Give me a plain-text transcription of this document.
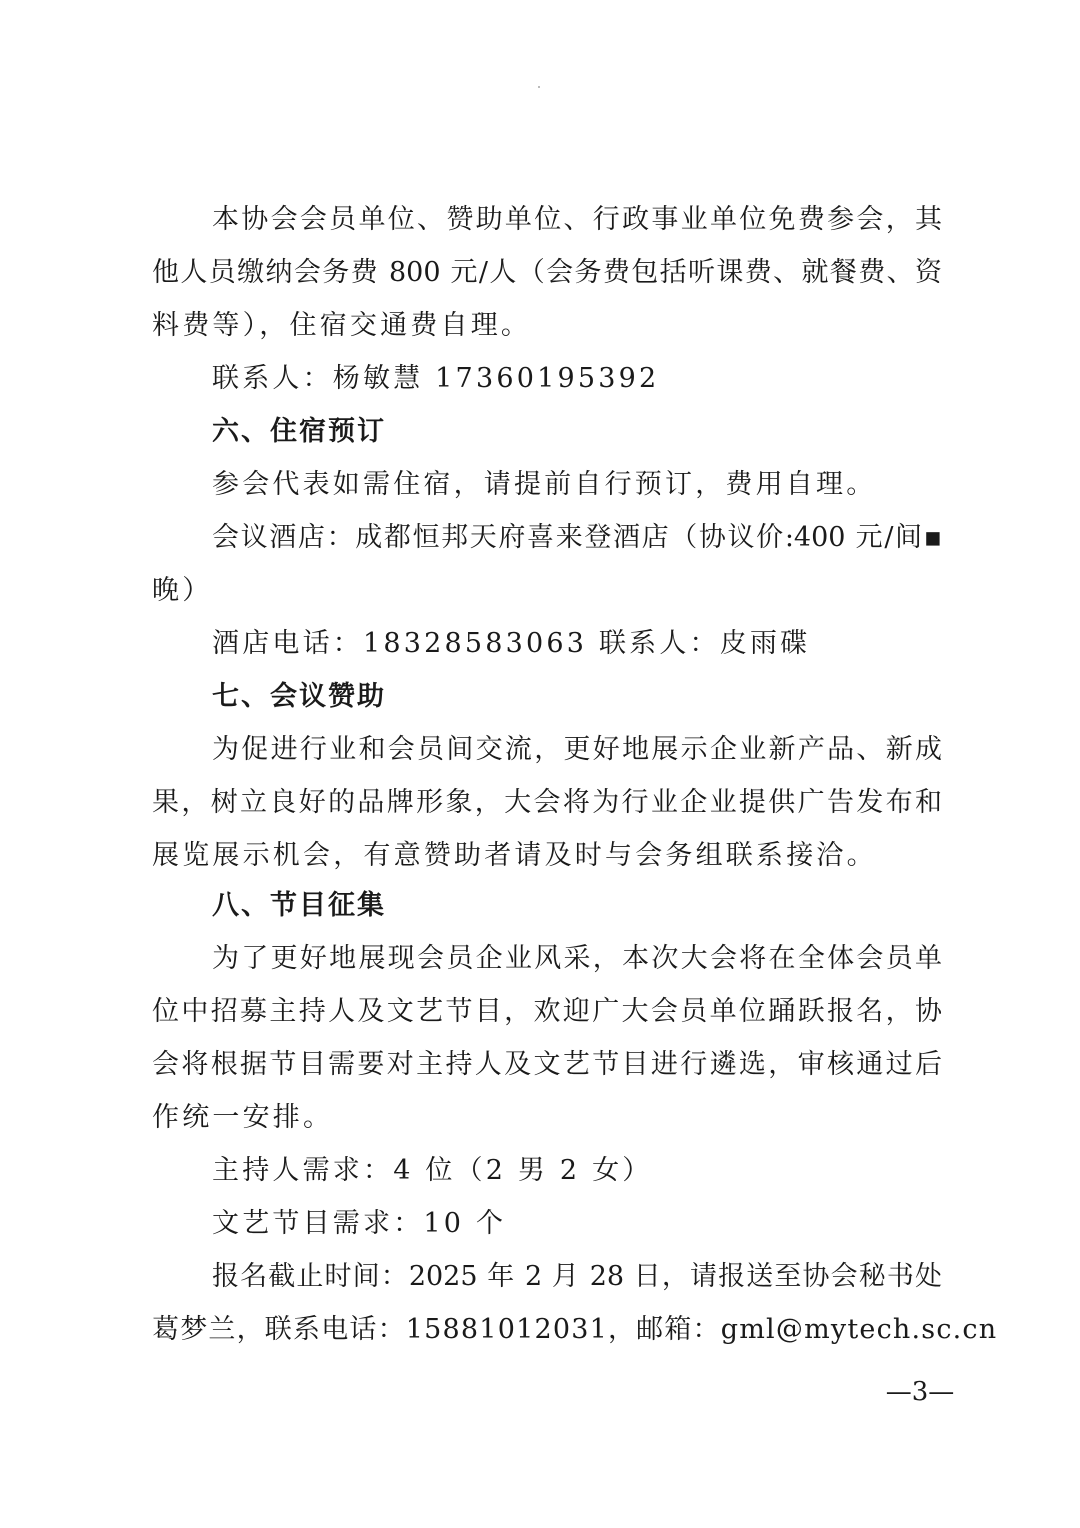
本协会会员单位、赞助单位、行政事业单位免费参会，其
他人员缴纳会务费 800 元/人（会务费包括听课费、就餐费、资
料费等），住宿交通费自理。
联系人：杨敏慧 17360195392
六、住宿预订
参会代表如需住宿，请提前自行预订，费用自理。
会议酒店：成都恒邦天府喜来登酒店（协议价:400 元/间▪
晚）
酒店电话：18328583063 联系人：皮雨碟
七、会议赞助
为促进行业和会员间交流，更好地展示企业新产品、新成
果，树立良好的品牌形象，大会将为行业企业提供广告发布和
展览展示机会，有意赞助者请及时与会务组联系接洽。
八、节目征集
为了更好地展现会员企业风采，本次大会将在全体会员单
位中招募主持人及文艺节目，欢迎广大会员单位踊跃报名，协
会将根据节目需要对主持人及文艺节目进行遴选，审核通过后
作统一安排。
主持人需求：4 位（2 男 2 女）
文艺节目需求：10 个
报名截止时间：2025 年 2 月 28 日，请报送至协会秘书处
葛梦兰，联系电话：15881012031，邮箱：gml@mytech.sc.cn
—3—
